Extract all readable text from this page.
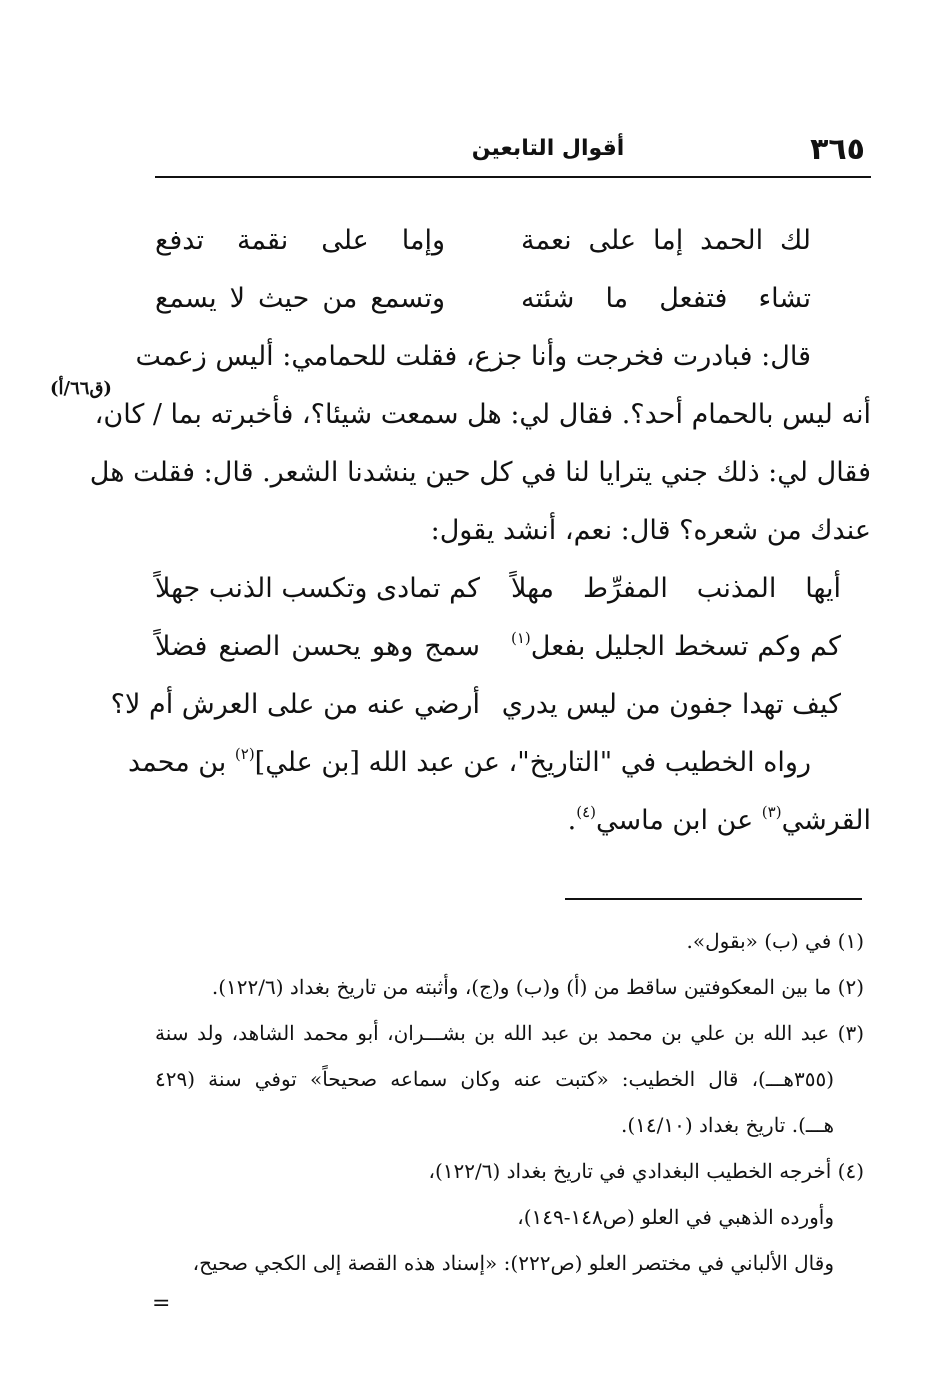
٣٦٥
أقوال التابعين
(ق٦٦/أ)
لك الحمد إما على نعمة
وإما على نقمة تدفع
تشاء فتفعل ما شئته
وتسمع من حيث لا يسمع
قال: فبادرت فخرجت وأنا جزع، فقلت للحمامي: أليس زعمت
أنه ليس بالحمام أحد؟. فقال لي: هل سمعت شيئا؟، فأخبرته بما / كان،
فقال لي: ذلك جني يترايا لنا في كل حين ينشدنا الشعر. قال: فقلت هل
عندك من شعره؟ قال: نعم، أنشد يقول:
أيها المذنب المفرِّط مهلاً
كم تمادى وتكسب الذنب جهلاً
كم وكم تسخط الجليل بفعل$^{(١)}$
سمج وهو يحسن الصنع فضلاً
كيف تهدا جفون من ليس يدري
أرضي عنه من على العرش أم لا؟
رواه الخطيب في "التاريخ"، عن عبد الله [بن علي]$^{(٢)}$ بن محمد
القرشي$^{(٣)}$ عن ابن ماسي$^{(٤)}$.
(١) في (ب) «بقول».
(٢) ما بين المعكوفتين ساقط من (أ) و(ب) و(ج)، وأثبته من تاريخ بغداد (١٢٢/٦).
(٣) عبد الله بن علي بن محمد بن عبد الله بن بشـــران، أبو محمد الشاهد، ولد سنة
(٣٥٥هـــ)، قال الخطيب: «كتبت عنه وكان سماعه صحيحاً» توفي سنة (٤٢٩
هـــ). تاريخ بغداد (١٤/١٠).
(٤) أخرجه الخطيب البغدادي في تاريخ بغداد (١٢٢/٦)،
وأورده الذهبي في العلو (ص١٤٨-١٤٩)،
وقال الألباني في مختصر العلو (ص٢٢٢): «إسناد هذه القصة إلى الكجي صحيح،
=
